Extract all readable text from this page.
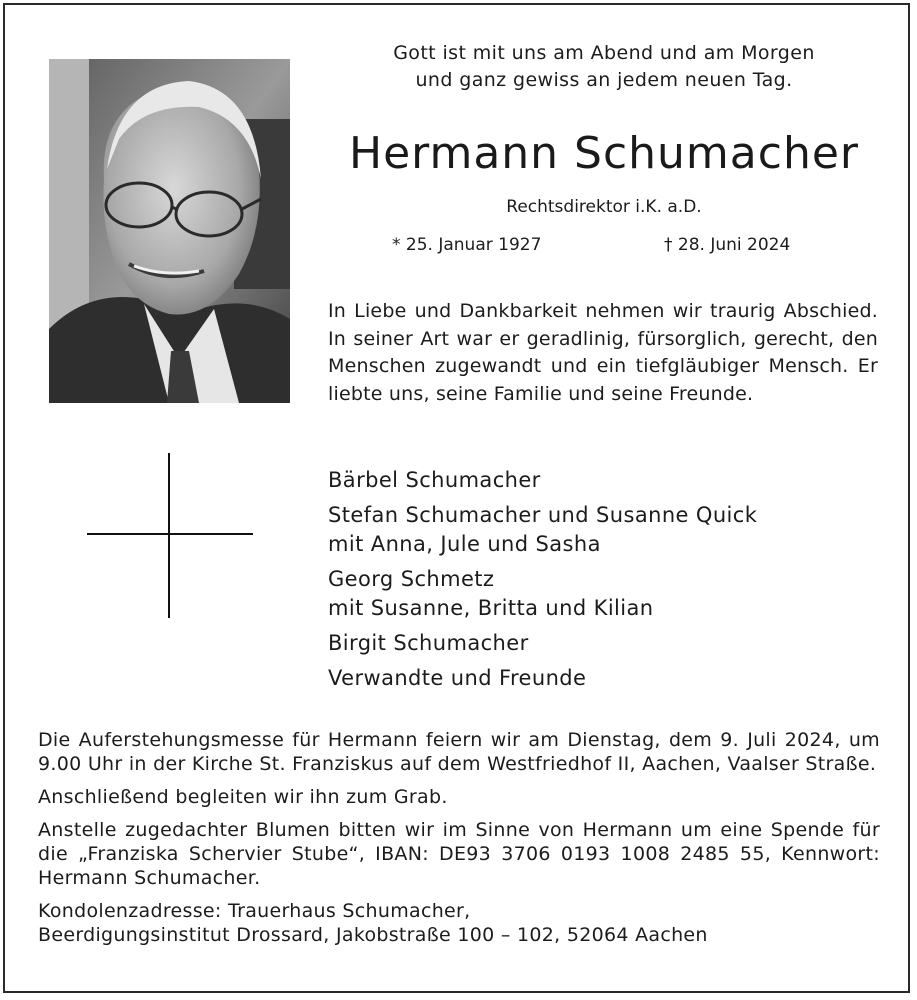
Gott ist mit uns am Abend und am Morgen
und ganz gewiss an jedem neuen Tag.
Hermann Schumacher
Rechtsdirektor i.K. a.D.
* 25. Januar 1927	† 28. Juni 2024

In Liebe und Dankbarkeit nehmen wir traurig Abschied. In seiner Art war er geradlinig, fürsorglich, gerecht, den Menschen zugewandt und ein tiefgläubiger Mensch. Er liebte uns, seine Familie und seine Freunde.

Bärbel Schumacher
Stefan Schumacher und Susanne Quick
mit Anna, Jule und Sasha
Georg Schmetz
mit Susanne, Britta und Kilian
Birgit Schumacher
Verwandte und Freunde

Die Auferstehungsmesse für Hermann feiern wir am Dienstag, dem 9. Juli 2024, um 9.00 Uhr in der Kirche St. Franziskus auf dem Westfriedhof II, Aachen, Vaalser Straße.

Anschließend begleiten wir ihn zum Grab.

Anstelle zugedachter Blumen bitten wir im Sinne von Hermann um eine Spende für die „Franziska Schervier Stube“, IBAN: DE93 3706 0193 1008 2485 55, Kennwort: Hermann Schumacher.

Kondolenzadresse: Trauerhaus Schumacher,
Beerdigungsinstitut Drossard, Jakobstraße 100 – 102, 52064 Aachen
